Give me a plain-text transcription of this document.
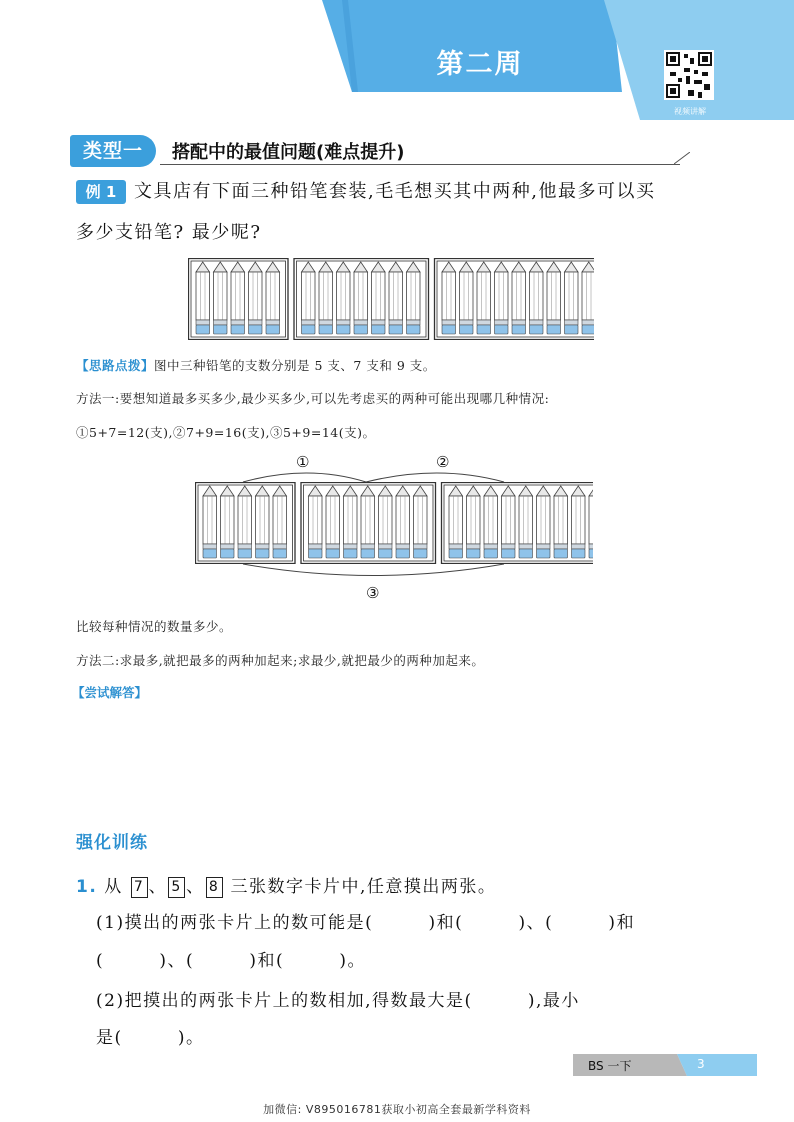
第二周
视频讲解
类型一	搭配中的最值问题(难点提升)
例 1 文具店有下面三种铅笔套装,毛毛想买其中两种,他最多可以买
多少支铅笔? 最少呢?
【思路点拨】图中三种铅笔的支数分别是 5 支、7 支和 9 支。
方法一:要想知道最多买多少,最少买多少,可以先考虑买的两种可能出现哪几种情况:
①5+7=12(支),②7+9=16(支),③5+9=14(支)。
①	②
③
比较每种情况的数量多少。
方法二:求最多,就把最多的两种加起来;求最少,就把最少的两种加起来。
【尝试解答】
强化训练
1. 从 7 、 5 、 8 三张数字卡片中,任意摸出两张。
(1)摸出的两张卡片上的数可能是(        )和(        )、(        )和
(        )、(        )和(        )。
(2)把摸出的两张卡片上的数相加,得数最大是(        ),最小
是(        )。
BS 一下	3
加微信: V895016781获取小初高全套最新学科资料
